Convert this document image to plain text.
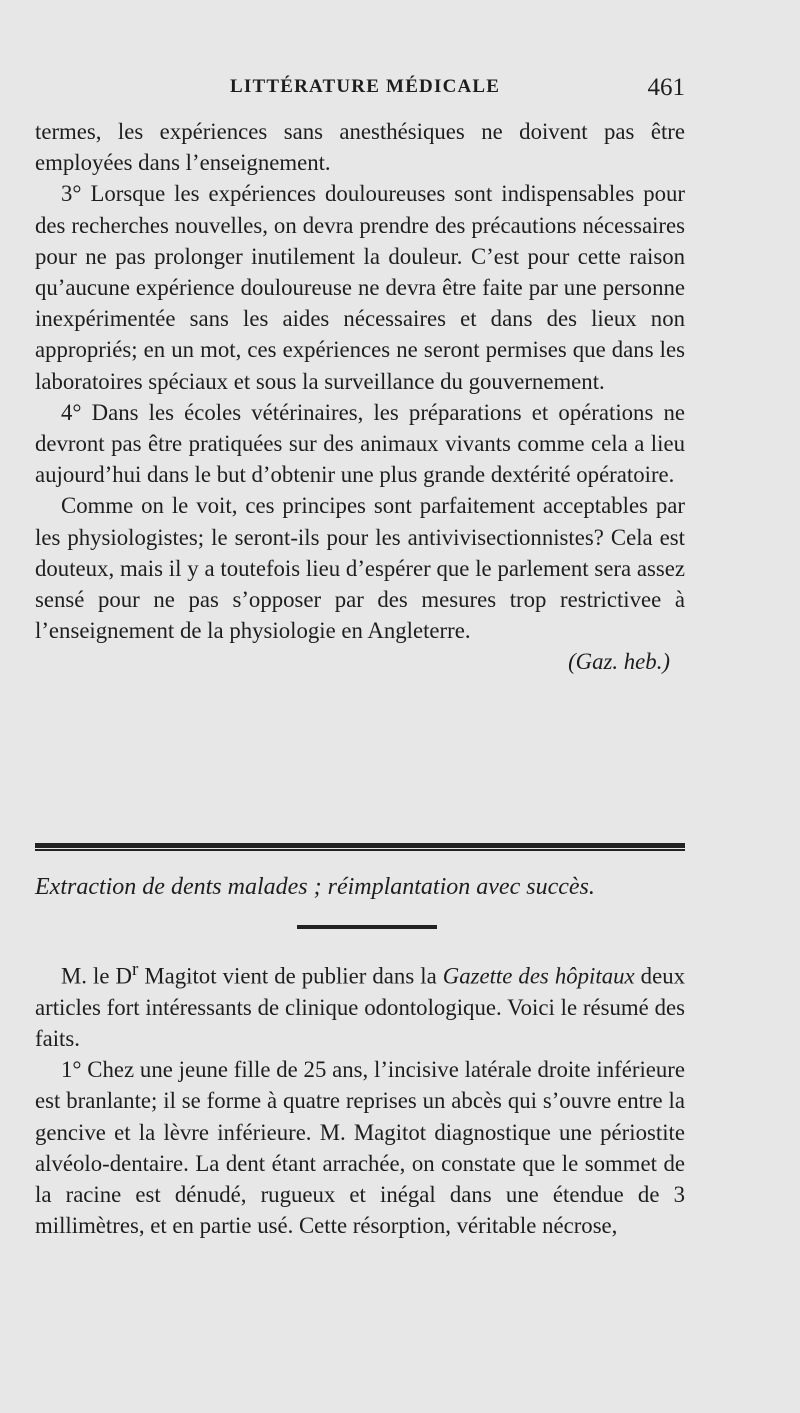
LITTÉRATURE MÉDICALE	461

termes, les expériences sans anesthésiques ne doivent pas être employées dans l’enseignement.

3° Lorsque les expériences douloureuses sont indispensables pour des recherches nouvelles, on devra prendre des précautions nécessaires pour ne pas prolonger inutilement la douleur. C’est pour cette raison qu’aucune expérience douloureuse ne devra être faite par une personne inexpérimentée sans les aides nécessaires et dans des lieux non appropriés; en un mot, ces expériences ne seront permises que dans les laboratoires spéciaux et sous la surveillance du gouvernement.

4° Dans les écoles vétérinaires, les préparations et opérations ne devront pas être pratiquées sur des animaux vivants comme cela a lieu aujourd’hui dans le but d’obtenir une plus grande dextérité opératoire.

Comme on le voit, ces principes sont parfaitement acceptables par les physiologistes; le seront-ils pour les antivivisectionnistes? Cela est douteux, mais il y a toutefois lieu d’espérer que le parlement sera assez sensé pour ne pas s’opposer par des mesures trop restrictivee à l’enseignement de la physiologie en Angleterre.

(Gaz. heb.)

Extraction de dents malades ; réimplantation avec succès.

M. le $D^r$ Magitot vient de publier dans la Gazette des hôpitaux deux articles fort intéressants de clinique odontologique. Voici le résumé des faits.

1° Chez une jeune fille de 25 ans, l’incisive latérale droite inférieure est branlante; il se forme à quatre reprises un abcès qui s’ouvre entre la gencive et la lèvre inférieure. M. Magitot diagnostique une périostite alvéolo-dentaire. La dent étant arrachée, on constate que le sommet de la racine est dénudé, rugueux et inégal dans une étendue de 3 millimètres, et en partie usé. Cette résorption, véritable nécrose,
